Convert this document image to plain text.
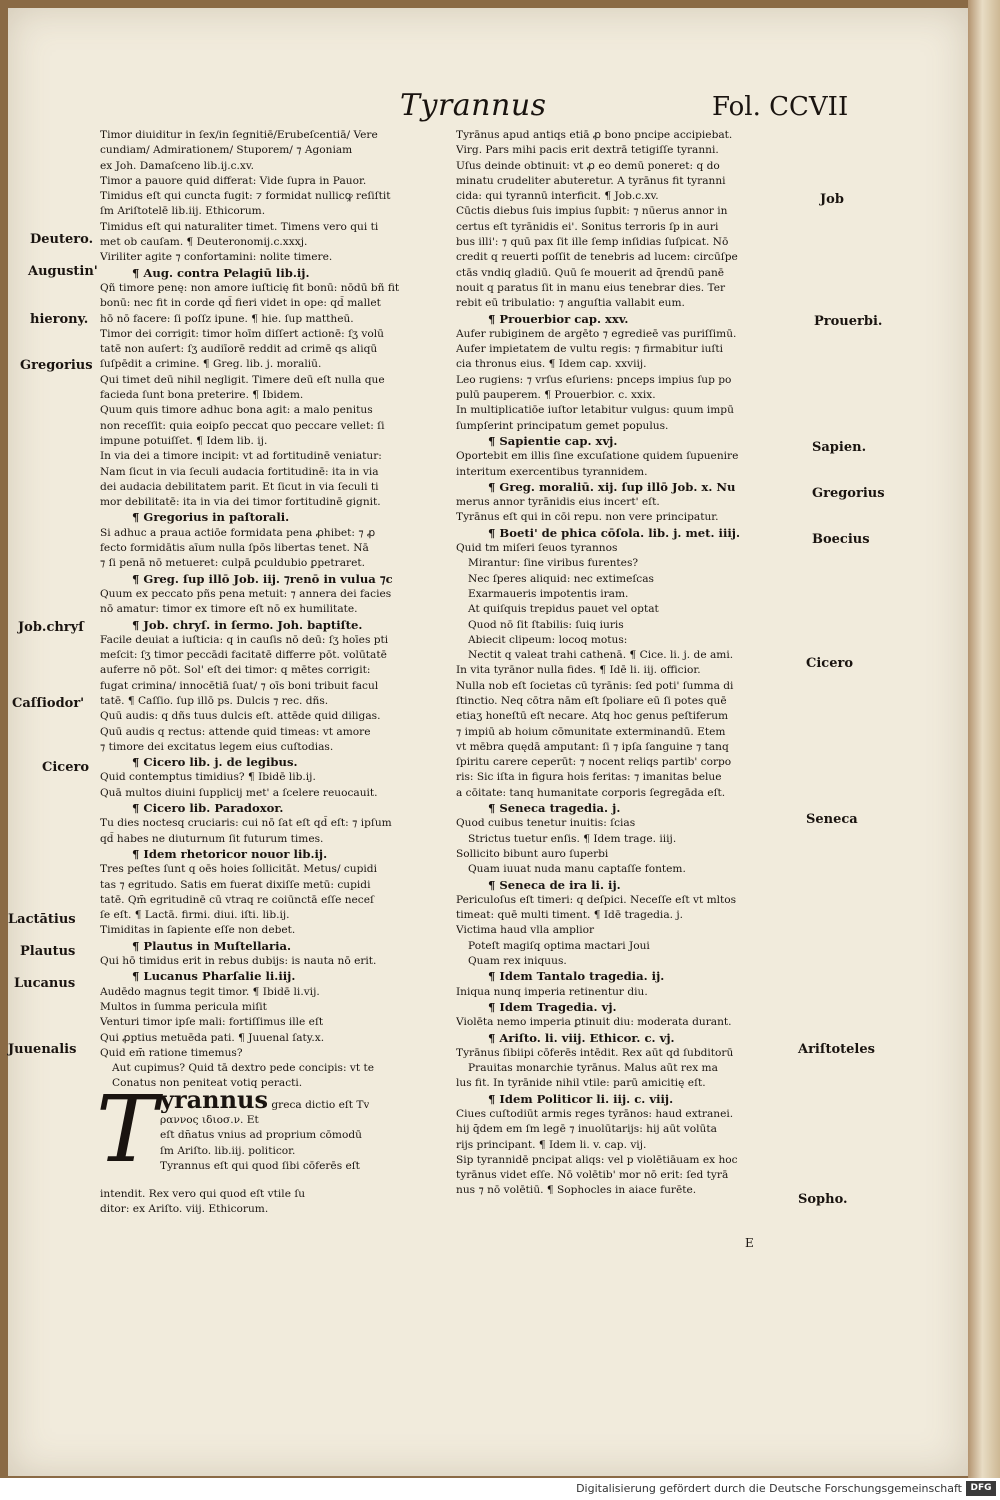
Tyrannus	Fol. CCVII
Deutero.
Augustin'
hierony.
Gregorius
Job.chryſ
Caſſiodor'
Cicero
Lactātius
Plautus
Lucanus
Juuenalis
Job
Prouerbi.
Sapien.
Gregorius
Boecius
Cicero
Seneca
Ariſtoteles
Sopho.

Timor diuiditur in ſex/in ſegnitiē/Erubeſcentiā/ Vere

cundiam/ Admirationem/ Stuporem/ ⁊ Agoniam

ex Joh. Damaſceno lib.ij.c.xv.

Timor a pauore quid differat: Vide ſupra in Pauor.

Timidus eſt qui cuncta fugit: ⁊ formidat nullicꝙ reſiſtit

ſm Ariſtotelē lib.iij. Ethicorum.

Timidus eſt qui naturaliter timet. Timens vero qui ti

met ob cauſam. ¶ Deuteronomij.c.xxxj.

Viriliter agite ⁊ confortamini: nolite timere.

¶ Aug. contra Pelagiū lib.ij.

Qñ timore penę: non amore iuſticię fit bonū: nōdū bñ fit

bonū: nec fit in corde qd̄ fieri videt in ope: qd̄ mallet

hō nō facere: ſi poſſz ipune. ¶ hie. ſup mattheū.

Timor dei corrigit: timor hoīm diſſert actionē: ſʒ volū

tatē non auſert: ſʒ audiīorē reddit ad crimē qs aliqū

ſuſpēdit a crimine. ¶ Greg. lib. j. moraliū.

Qui timet deū nihil negligit. Timere deū eſt nulla que

facieda ſunt bona preterire. ¶ Ibidem.

Quum quis timore adhuc bona agit: a malo penitus

non receſſit: quia eoipſo peccat quo peccare vellet: ſi

impune potuiſſet. ¶ Idem lib. ij.

In via dei a timore incipit: vt ad fortitudinē veniatur:

Nam ſicut in via ſeculi audacia fortitudinē: ita in via

dei audacia debilitatem parit. Et ſicut in via ſeculi ti

mor debilitatē: ita in via dei timor fortitudinē gignit.

¶ Gregorius in paſtorali.

Si adhuc a praua actiōe formidata pena ꝓhibet: ⁊ ꝓ

fecto formidātis aīum nulla ſpōs libertas tenet. Nā

⁊ ſi penā nō metueret: culpā ꝑculdubio ꝑpetraret.

¶ Greg. ſup illō Job. iij. ⁊renō in vulua ⁊c

Quum ex peccato pñs pena metuit: ⁊ annera dei facies

nō amatur: timor ex timore eſt nō ex humilitate.

¶ Job. chryſ. in ſermo. Joh. baptiſte.

Facile deuiat a iuſticia: q in cauſis nō deū: ſʒ hoīes pti

meſcit: ſʒ timor peccādi facitatē differre pōt. volūtatē

auferre nō pōt. Sol' eſt dei timor: q mētes corrigit:

fugat crimina/ innocētiā ſuat/ ⁊ oīs boni tribuit facul

tatē. ¶ Caſſio. ſup illō ps. Dulcis ⁊ rec. dñs.

Quū audis: q dñs tuus dulcis eſt. attēde quid diligas.

Quū audis q rectus: attende quid timeas: vt amore

⁊ timore dei excitatus legem eius cuſtodias.

¶ Cicero lib. j. de legibus.

Quid contemptus timidius? ¶ Ibidē lib.ij.

Quā multos diuini ſupplicij met' a ſcelere reuocauit.

¶ Cicero lib. Paradoxor.

Tu dies noctesq cruciaris: cui nō ſat eſt qd̄ eſt: ⁊ ipſum

qd̄ habes ne diuturnum ſit futurum times.

¶ Idem rhetoricor nouor lib.ij.

Tres peſtes ſunt q oēs hoies ſollicitāt. Metus/ cupidi

tas ⁊ egritudo. Satis em fuerat dixiſſe metū: cupidi

tatē. Qm̄ egritudinē cū vtraq re coiūnctā eſſe neceſ

ſe eſt. ¶ Lactā. firmi. diui. iſti. lib.ij.

Timiditas in ſapiente eſſe non debet.

¶ Plautus in Muſtellaria.

Qui hō timidus erit in rebus dubijs: is nauta nō erit.

¶ Lucanus Pharſalie li.iij.

Audēdo magnus tegit timor. ¶ Ibidē li.vij.

Multos in ſumma pericula miſit

Venturi timor ipſe mali: fortiſſimus ille eſt

Qui ꝓptius metuēda pati. ¶ Juuenal ſaty.x.

Quid em̄ ratione timemus?

Aut cupimus? Quid tā dextro pede concipis: vt te

Conatus non peniteat votiq peracti.

T yrannus greca dictio eſt Tv

ραννος ιδιοσ.ν. Et

eſt dn̄atus vnius ad proprium cōmodū

ſm Ariſto. lib.iij. politicor.

Tyrannus eſt qui quod ſibi cōferēs eſt

intendit. Rex vero qui quod eſt vtile ſu

ditor: ex Ariſto. viij. Ethicorum.

Tyrānus apud antiqs etiā ꝓ bono pncipe accipiebat.

Virg. Pars mihi pacis erit dextrā tetigiſſe tyranni.

Uſus deinde obtinuit: vt ꝓ eo demū poneret: q do

minatu crudeliter abuteretur. A tyrānus fit tyranni

cida: qui tyrannū interficit. ¶ Job.c.xv.

Cūctis diebus ſuis impius ſupbit: ⁊ nūerus annor in

certus eſt tyrānidis ei'. Sonitus terroris ſp in auri

bus illi': ⁊ quū pax ſit ille ſemp inſidias ſuſpicat. Nō

credit q reuerti poſſit de tenebris ad lucem: circūſpe

ctās vndiq gladiū. Quū ſe mouerit ad q̄rendū panē

nouit q paratus ſit in manu eius tenebrar dies. Ter

rebit eū tribulatio: ⁊ anguſtia vallabit eum.

¶ Prouerbior cap. xxv.

Aufer rubiginem de argēto ⁊ egredieē vas puriſſimū.

Aufer impietatem de vultu regis: ⁊ firmabitur iuſti

cia thronus eius. ¶ Idem cap. xxviij.

Leo rugiens: ⁊ vrſus eſuriens: pnceps impius ſup po

pulū pauperem. ¶ Prouerbior. c. xxix.

In multiplicatiōe iuſtor letabitur vulgus: quum impū

ſumpſerint principatum gemet populus.

¶ Sapientie cap. xvj.

Oportebit em illis ſine excuſatione quidem ſupuenire

interitum exercentibus tyrannidem.

¶ Greg. moraliū. xij. ſup illō Job. x. Nu

merus annor tyrānidis eius incert' eſt.

Tyrānus eſt qui in cōi repu. non vere principatur.

¶ Boeti' de phica cōſola. lib. j. met. iiij.

Quid tm miſeri ſeuos tyrannos

Mirantur: ſine viribus furentes?

Nec ſperes aliquid: nec extimeſcas

Exarmaueris impotentis iram.

At quiſquis trepidus pauet vel optat

Quod nō ſit ſtabilis: ſuiq iuris

Abiecit clipeum: locoq motus:

Nectit q valeat trahi cathenā. ¶ Cice. li. j. de ami.

In vita tyrānor nulla fides. ¶ Idē li. iij. officior.

Nulla nob eſt ſocietas cū tyrānis: ſed poti' ſumma di

ſtinctio. Neq cōtra nām eſt ſpoliare eū ſi potes quē

etiaʒ honeſtū eſt necare. Atq hoc genus peſtiferum

⁊ impiū ab hoium cōmunitate exterminandū. Etem

vt mēbra quędā amputant: ſi ⁊ ipſa ſanguine ⁊ tanq

ſpiritu carere ceperūt: ⁊ nocent reliqs partib' corpo

ris: Sic iſta in figura hois feritas: ⁊ imanitas belue

a cōitate: tanq humanitate corporis ſegregāda eſt.

¶ Seneca tragedia. j.

Quod cuibus tenetur inuitis: ſcias

Strictus tuetur enſis. ¶ Idem trage. iiij.

Sollicito bibunt auro ſuperbi

Quam iuuat nuda manu captaſſe fontem.

¶ Seneca de ira li. ij.

Periculoſus eſt timeri: q deſpici. Neceſſe eſt vt mltos

timeat: quē multi timent. ¶ Idē tragedia. j.

Victima haud vlla amplior

Poteſt magiſq optima mactari Joui

Quam rex iniquus.

¶ Idem Tantalo tragedia. ij.

Iniqua nunq imperia retinentur diu.

¶ Idem Tragedia. vj.

Violēta nemo imperia ꝑtinuit diu: moderata durant.

¶ Ariſto. li. viij. Ethicor. c. vj.

Tyrānus ſibiipi cōferēs intēdit. Rex aūt qd ſubditorū

Prauitas monarchie tyrānus. Malus aūt rex ma

lus fit. In tyrānide nihil vtile: parū amicitię eſt.

¶ Idem Politicor li. iij. c. viij.

Ciues cuſtodiūt armis reges tyrānos: haud extranei.

hij q̄dem em ſm legē ⁊ inuolūtarijs: hij aūt volūta

rijs principant. ¶ Idem li. v. cap. vij.

Sip tyrannidē pncipat aliqs: vel p violētiāuam ex hoc

tyrānus videt eſſe. Nō volētib' mor nō erit: ſed tyrā

nus ⁊ nō volētiū. ¶ Sophocles in aiace furēte.

E
Digitalisierung gefördert durch die Deutsche Forschungsgemeinschaft DFG
